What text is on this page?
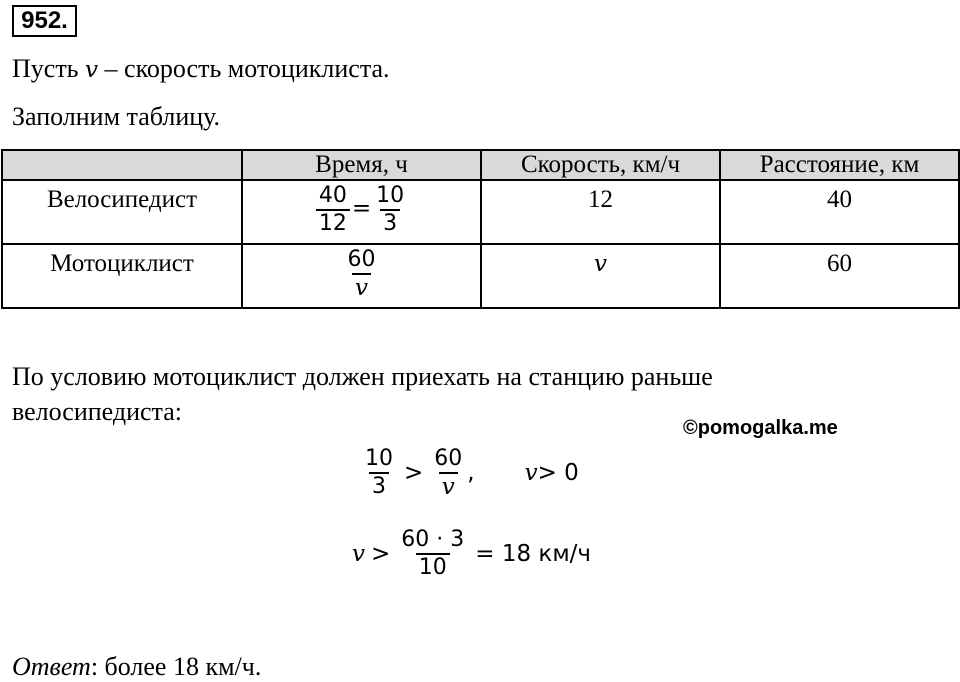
952.
Пусть v – скорость мотоциклиста.
Заполним таблицу.
	Время, ч	Скорость, км/ч	Расстояние, км
Велосипедист	$\frac{40}{12} = \frac{10}{3}$	12	40
Мотоциклист	$\frac{60}{v}$	v	60
По условию мотоциклист должен приехать на станцию раньше
велосипедиста:
©pomogalka.me
$\frac{10}{3} > \frac{60}{v}$ , v > 0
$v > \frac{60 \cdot 3}{10} = 18$ км/ч
Ответ: более 18 км/ч.
